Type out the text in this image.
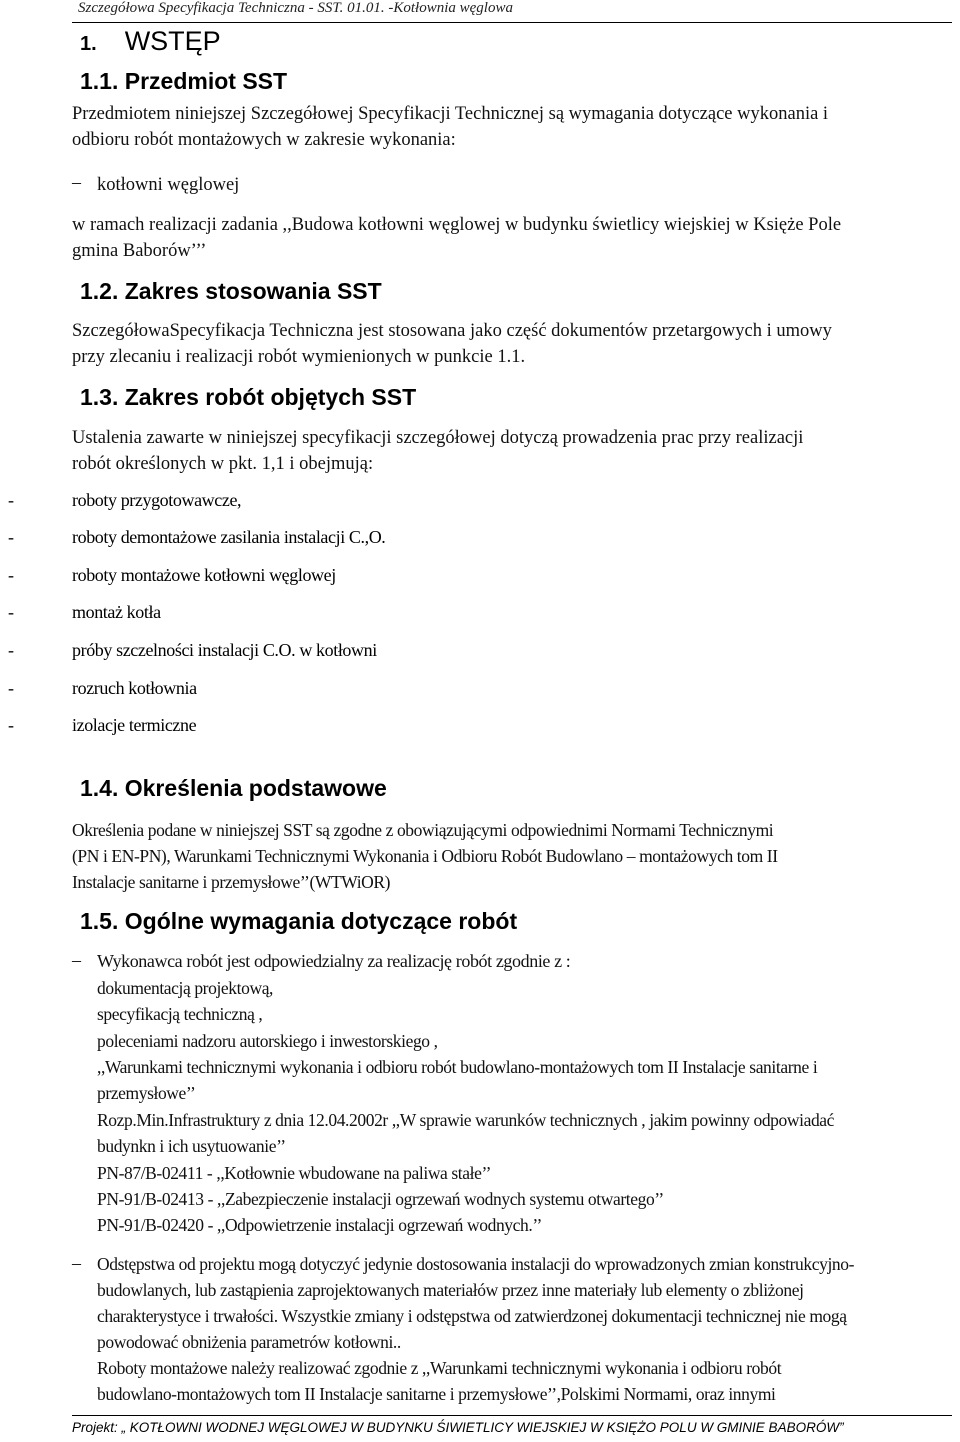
Szczegółowa Specyfikacja Techniczna - SST. 01.01. -Kotłownia węglowa
1. WSTĘP
1.1. Przedmiot SST
Przedmiotem niniejszej Szczegółowej Specyfikacji Technicznej są wymagania dotyczące wykonania i
odbioru robót montażowych w zakresie wykonania:
– kotłowni węglowej
w ramach realizacji zadania ,,Budowa kotłowni węglowej w budynku świetlicy wiejskiej w Księże Pole
gmina Baborów’’’
1.2. Zakres stosowania SST
SzczegółowaSpecyfikacja Techniczna jest stosowana jako część dokumentów przetargowych i umowy
przy zlecaniu i realizacji robót wymienionych w punkcie 1.1.
1.3. Zakres robót objętych SST
Ustalenia zawarte w niniejszej specyfikacji szczegółowej dotyczą prowadzenia prac przy realizacji
robót określonych w pkt. 1,1 i obejmują:
-	roboty przygotowawcze,
-	roboty demontażowe zasilania instalacji C.,O.
-	roboty montażowe kotłowni węglowej
-	montaż kotła
-	próby szczelności instalacji C.O. w kotłowni
-	rozruch kotłownia
-	izolacje termiczne
1.4. Określenia podstawowe
Określenia podane w niniejszej SST są zgodne z obowiązującymi odpowiednimi Normami Technicznymi
(PN i EN-PN), Warunkami Technicznymi Wykonania i Odbioru Robót Budowlano – montażowych tom II
Instalacje sanitarne i przemysłowe’’(WTWiOR)
1.5. Ogólne wymagania dotyczące robót
– Wykonawca robót jest odpowiedzialny za realizację robót zgodnie z :
dokumentacją projektową,
specyfikacją techniczną ,
poleceniami nadzoru autorskiego i inwestorskiego ,
,,Warunkami technicznymi wykonania i odbioru robót budowlano-montażowych tom II Instalacje sanitarne i
przemysłowe’’
Rozp.Min.Infrastruktury z dnia 12.04.2002r ,,W sprawie warunków technicznych , jakim powinny odpowiadać
budynkn i ich usytuowanie’’
PN-87/B-02411 - ,,Kotłownie wbudowane na paliwa stałe’’
PN-91/B-02413 - ,,Zabezpieczenie instalacji ogrzewań wodnych systemu otwartego’’
PN-91/B-02420 - ,,Odpowietrzenie instalacji ogrzewań wodnych.’’
– Odstępstwa od projektu mogą dotyczyć jedynie dostosowania instalacji do wprowadzonych zmian konstrukcyjno-
budowlanych, lub zastąpienia zaprojektowanych materiałów przez inne materiały lub elementy o zbliżonej
charakterystyce i trwałości. Wszystkie zmiany i odstępstwa od zatwierdzonej dokumentacji technicznej nie mogą
powodować obniżenia parametrów kotłowni..
Roboty montażowe należy realizować zgodnie z ,,Warunkami technicznymi wykonania i odbioru robót
budowlano-montażowych tom II Instalacje sanitarne i przemysłowe’’,Polskimi Normami, oraz innymi
Projekt: „ KOTŁOWNI WODNEJ WĘGLOWEJ W BUDYNKU ŚIWIETLICY WIEJSKIEJ W KSIĘŻO POLU W GMINIE BABORÓW”
